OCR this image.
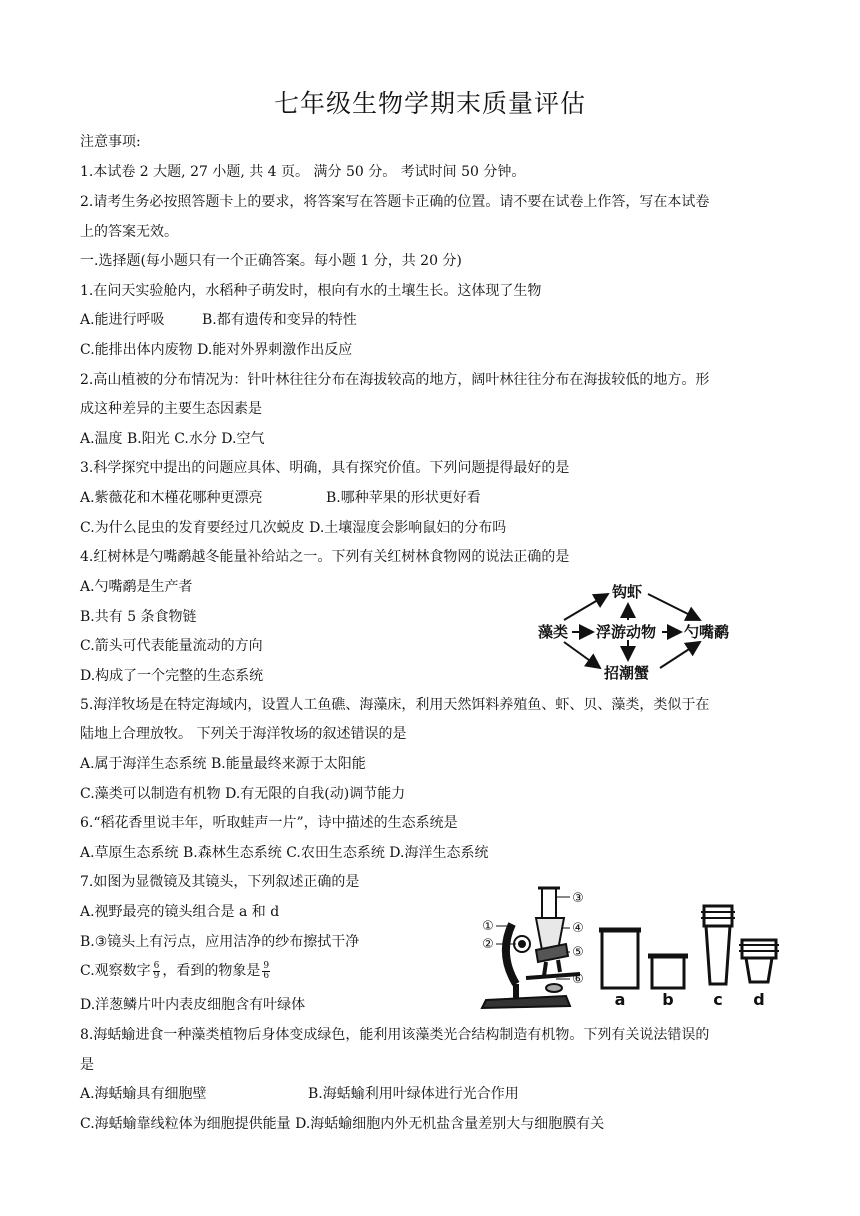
七年级生物学期末质量评估
注意事项:
1.本试卷 2 大题, 27 小题, 共 4 页。 满分 50 分。 考试时间 50 分钟。
2.请考生务必按照答题卡上的要求，将答案写在答题卡正确的位置。请不要在试卷上作答，写在本试卷
上的答案无效。
一.选择题(每小题只有一个正确答案。每小题 1 分，共 20 分)
1.在问天实验舱内，水稻种子萌发时，根向有水的土壤生长。这体现了生物
A.能进行呼吸	B.都有遗传和变异的特性
C.能排出体内废物 D.能对外界刺激作出反应
2.高山植被的分布情况为：针叶林往往分布在海拔较高的地方，阔叶林往往分布在海拔较低的地方。形
成这种差异的主要生态因素是
A.温度 B.阳光 C.水分 D.空气
3.科学探究中提出的问题应具体、明确，具有探究价值。下列问题提得最好的是
A.紫薇花和木槿花哪种更漂亮	B.哪种苹果的形状更好看
C.为什么昆虫的发育要经过几次蜕皮 D.土壤湿度会影响鼠妇的分布吗
4.红树林是勺嘴鹬越冬能量补给站之一。下列有关红树林食物网的说法正确的是
A.勺嘴鹬是生产者
B.共有 5 条食物链
C.箭头可代表能量流动的方向
D.构成了一个完整的生态系统
藻类 浮游动物
钩虾
招潮蟹
勺嘴鹬
5.海洋牧场是在特定海域内，设置人工鱼礁、海藻床，利用天然饵料养殖鱼、虾、贝、藻类，类似于在
陆地上合理放牧。 下列关于海洋牧场的叙述错误的是
A.属于海洋生态系统 B.能量最终来源于太阳能
C.藻类可以制造有机物 D.有无限的自我(动)调节能力
6.“稻花香里说丰年，听取蛙声一片”，诗中描述的生态系统是
A.草原生态系统 B.森林生态系统 C.农田生态系统 D.海洋生态系统
7.如图为显微镜及其镜头，下列叙述正确的是
A.视野最亮的镜头组合是 a 和 d
B.③镜头上有污点，应用洁净的纱布擦拭干净
C.观察数字 $\frac{6}{9}$ ，看到的物象是 $\frac{9}{6}$
D.洋葱鳞片叶内表皮细胞含有叶绿体
①
②
③
④
⑤
⑥
a b c d
8.海蛞蝓进食一种藻类植物后身体变成绿色，能利用该藻类光合结构制造有机物。下列有关说法错误的
是
A.海蛞蝓具有细胞壁	B.海蛞蝓利用叶绿体进行光合作用
C.海蛞蝓靠线粒体为细胞提供能量 D.海蛞蝓细胞内外无机盐含量差别大与细胞膜有关
